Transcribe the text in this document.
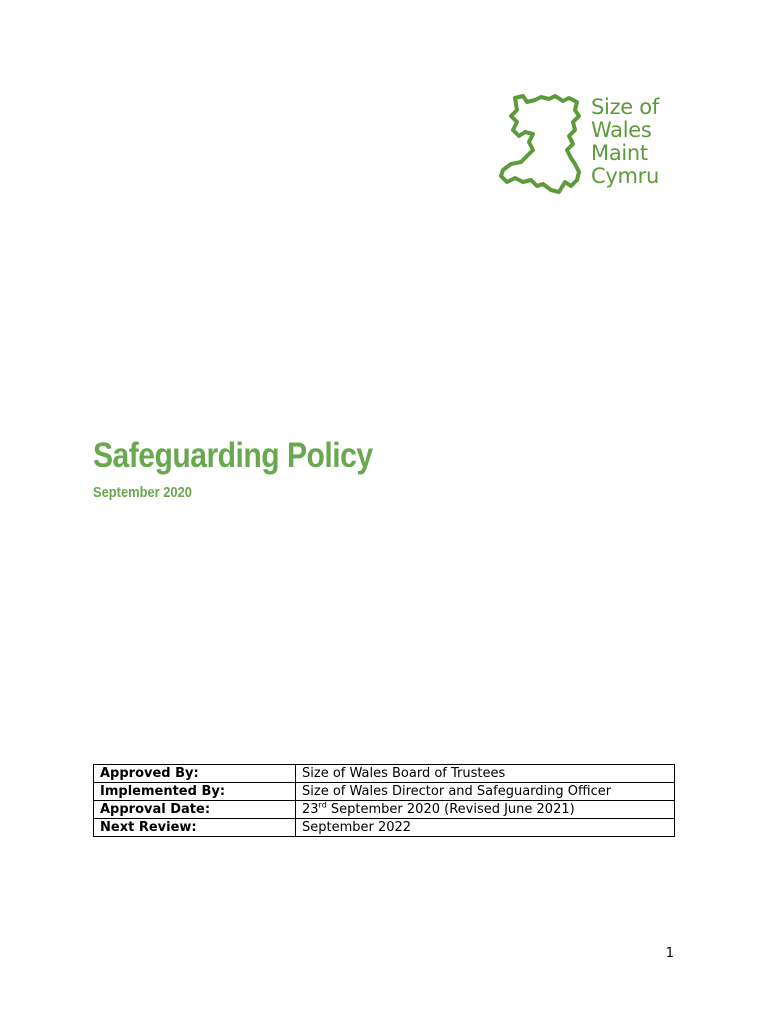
Size of
Wales
Maint
Cymru
Safeguarding Policy
September 2020
Approved By:	Size of Wales Board of Trustees
Implemented By:	Size of Wales Director and Safeguarding Officer
Approval Date:	23rd September 2020 (Revised June 2021)
Next Review:	September 2022
1
